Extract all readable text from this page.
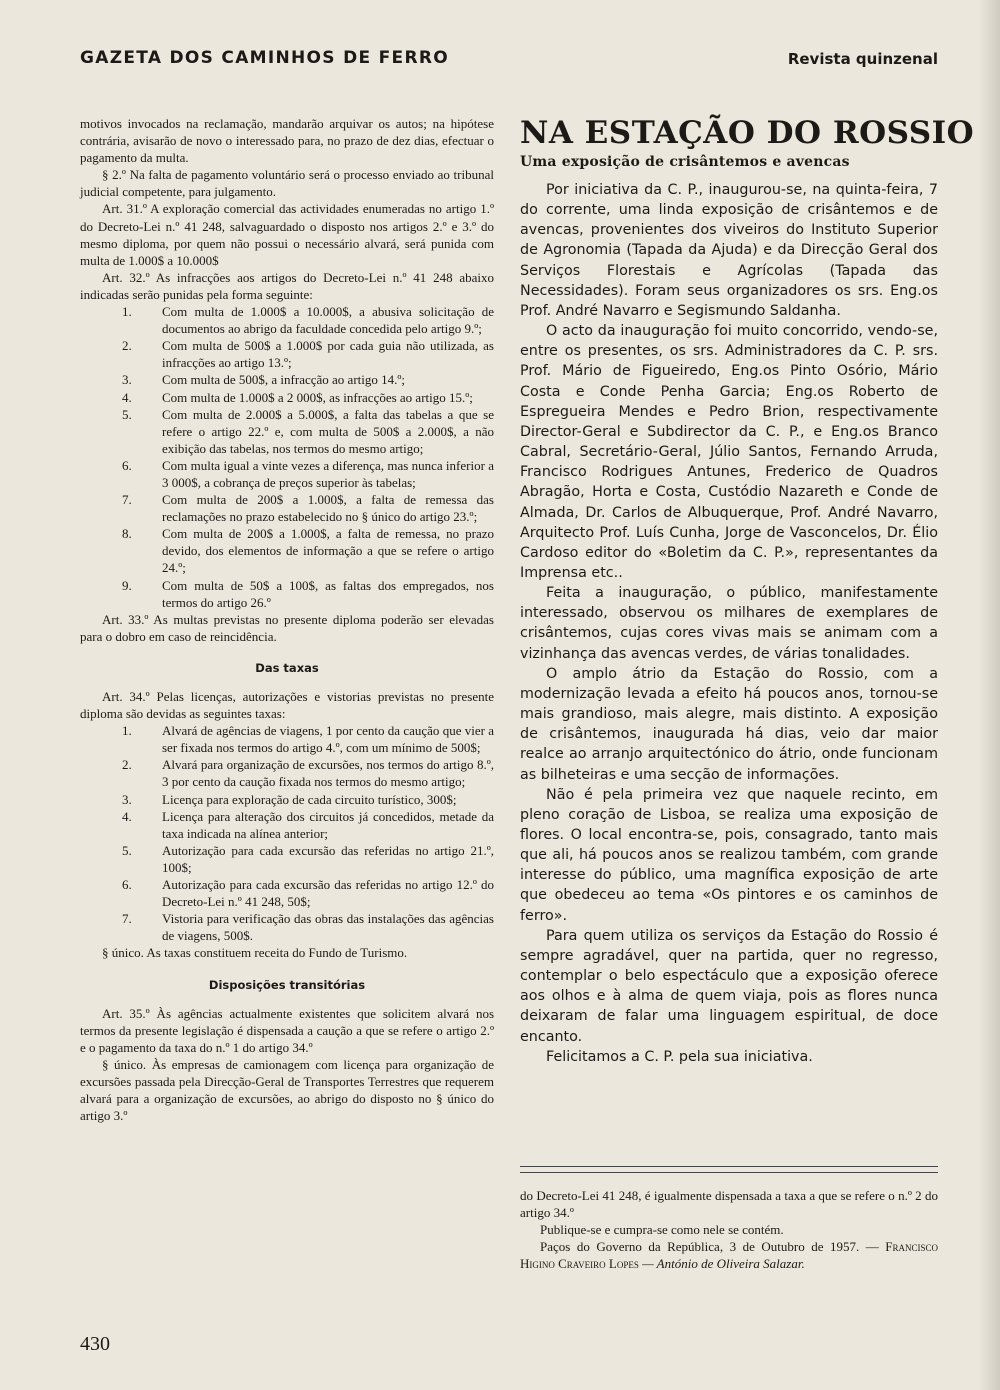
GAZETA DOS CAMINHOS DE FERRO	Revista quinzenal

motivos invocados na reclamação, mandarão arquivar os autos; na hipótese contrária, avisarão de novo o interessado para, no prazo de dez dias, efectuar o pagamento da multa.

§ 2.º Na falta de pagamento voluntário será o processo enviado ao tribunal judicial competente, para julgamento.

Art. 31.º A exploração comercial das actividades enumeradas no artigo 1.º do Decreto-Lei n.º 41 248, salvaguardado o disposto nos artigos 2.º e 3.º do mesmo diploma, por quem não possui o necessário alvará, será punida com multa de 1.000$ a 10.000$

Art. 32.º As infracções aos artigos do Decreto-Lei n.º 41 248 abaixo indicadas serão punidas pela forma seguinte:

1.	Com multa de 1.000$ a 10.000$, a abusiva solicitação de documentos ao abrigo da faculdade concedida pelo artigo 9.º;
2.	Com multa de 500$ a 1.000$ por cada guia não utilizada, as infracções ao artigo 13.º;
3.	Com multa de 500$, a infracção ao artigo 14.º;
4.	Com multa de 1.000$ a 2 000$, as infracções ao artigo 15.º;
5.	Com multa de 2.000$ a 5.000$, a falta das tabelas a que se refere o artigo 22.º e, com multa de 500$ a 2.000$, a não exibição das tabelas, nos termos do mesmo artigo;
6.	Com multa igual a vinte vezes a diferença, mas nunca inferior a 3 000$, a cobrança de preços superior às tabelas;
7.	Com multa de 200$ a 1.000$, a falta de remessa das reclamações no prazo estabelecido no § único do artigo 23.º;
8.	Com multa de 200$ a 1.000$, a falta de remessa, no prazo devido, dos elementos de informação a que se refere o artigo 24.º;
9.	Com multa de 50$ a 100$, as faltas dos empregados, nos termos do artigo 26.º

Art. 33.º As multas previstas no presente diploma poderão ser elevadas para o dobro em caso de reincidência.

Das taxas

Art. 34.º Pelas licenças, autorizações e vistorias previstas no presente diploma são devidas as seguintes taxas:

1.	Alvará de agências de viagens, 1 por cento da caução que vier a ser fixada nos termos do artigo 4.º, com um mínimo de 500$;
2.	Alvará para organização de excursões, nos termos do artigo 8.º, 3 por cento da caução fixada nos termos do mesmo artigo;
3.	Licença para exploração de cada circuito turístico, 300$;
4.	Licença para alteração dos circuitos já concedidos, metade da taxa indicada na alínea anterior;
5.	Autorização para cada excursão das referidas no artigo 21.º, 100$;
6.	Autorização para cada excursão das referidas no artigo 12.º do Decreto-Lei n.º 41 248, 50$;
7.	Vistoria para verificação das obras das instalações das agências de viagens, 500$.

§ único. As taxas constituem receita do Fundo de Turismo.

Disposições transitórias

Art. 35.º Às agências actualmente existentes que solicitem alvará nos termos da presente legislação é dispensada a caução a que se refere o artigo 2.º e o pagamento da taxa do n.º 1 do artigo 34.º

§ único. Às empresas de camionagem com licença para organização de excursões passada pela Direcção-Geral de Transportes Terrestres que requerem alvará para a organização de excursões, ao abrigo do disposto no § único do artigo 3.º

NA ESTAÇÃO DO ROSSIO
Uma exposição de crisântemos e avencas

Por iniciativa da C. P., inaugurou-se, na quinta-feira, 7 do corrente, uma linda exposição de crisântemos e de avencas, provenientes dos viveiros do Instituto Superior de Agronomia (Tapada da Ajuda) e da Direcção Geral dos Serviços Florestais e Agrícolas (Tapada das Necessidades). Foram seus organizadores os srs. Eng.os Prof. André Navarro e Segismundo Saldanha.

O acto da inauguração foi muito concorrido, vendo-se, entre os presentes, os srs. Administradores da C. P. srs. Prof. Mário de Figueiredo, Eng.os Pinto Osório, Mário Costa e Conde Penha Garcia; Eng.os Roberto de Espregueira Mendes e Pedro Brion, respectivamente Director-Geral e Subdirector da C. P., e Eng.os Branco Cabral, Secretário-Geral, Júlio Santos, Fernando Arruda, Francisco Rodrigues Antunes, Frederico de Quadros Abragão, Horta e Costa, Custódio Nazareth e Conde de Almada, Dr. Carlos de Albuquerque, Prof. André Navarro, Arquitecto Prof. Luís Cunha, Jorge de Vasconcelos, Dr. Élio Cardoso editor do «Boletim da C. P.», representantes da Imprensa etc..

Feita a inauguração, o público, manifestamente interessado, observou os milhares de exemplares de crisântemos, cujas cores vivas mais se animam com a vizinhança das avencas verdes, de várias tonalidades.

O amplo átrio da Estação do Rossio, com a modernização levada a efeito há poucos anos, tornou-se mais grandioso, mais alegre, mais distinto. A exposição de crisântemos, inaugurada há dias, veio dar maior realce ao arranjo arquitectónico do átrio, onde funcionam as bilheteiras e uma secção de informações.

Não é pela primeira vez que naquele recinto, em pleno coração de Lisboa, se realiza uma exposição de flores. O local encontra-se, pois, consagrado, tanto mais que ali, há poucos anos se realizou também, com grande interesse do público, uma magnífica exposição de arte que obedeceu ao tema «Os pintores e os caminhos de ferro».

Para quem utiliza os serviços da Estação do Rossio é sempre agradável, quer na partida, quer no regresso, contemplar o belo espectáculo que a exposição oferece aos olhos e à alma de quem viaja, pois as flores nunca deixaram de falar uma linguagem espiritual, de doce encanto.

Felicitamos a C. P. pela sua iniciativa.

do Decreto-Lei 41 248, é igualmente dispensada a taxa a que se refere o n.º 2 do artigo 34.º

Publique-se e cumpra-se como nele se contém.

Paços do Governo da República, 3 de Outubro de 1957. — Francisco Higino Craveiro Lopes — António de Oliveira Salazar.

430
